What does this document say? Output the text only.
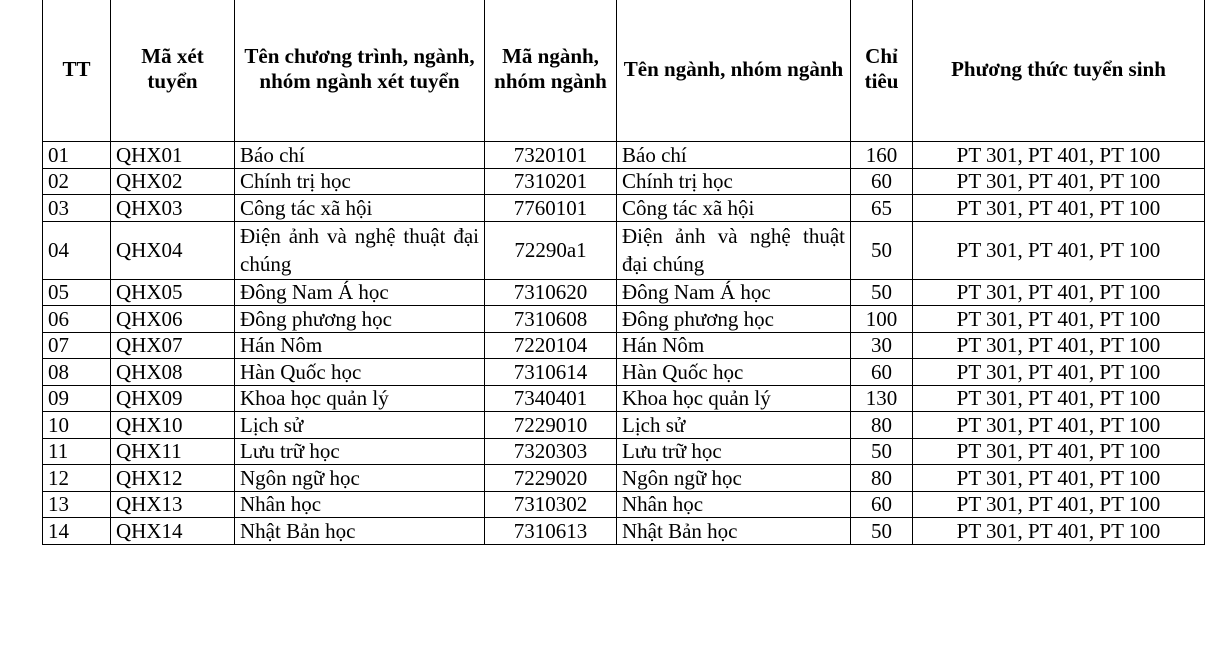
TT	Mã xét tuyển	Tên chương trình, ngành, nhóm ngành xét tuyển	Mã ngành, nhóm ngành	Tên ngành, nhóm ngành	Chỉ tiêu	Phương thức tuyển sinh
01	QHX01	Báo chí	7320101	Báo chí	160	PT 301, PT 401, PT 100
02	QHX02	Chính trị học	7310201	Chính trị học	60	PT 301, PT 401, PT 100
03	QHX03	Công tác xã hội	7760101	Công tác xã hội	65	PT 301, PT 401, PT 100
04	QHX04	Điện ảnh và nghệ thuật đại chúng	72290a1	Điện ảnh và nghệ thuật đại chúng	50	PT 301, PT 401, PT 100
05	QHX05	Đông Nam Á học	7310620	Đông Nam Á học	50	PT 301, PT 401, PT 100
06	QHX06	Đông phương học	7310608	Đông phương học	100	PT 301, PT 401, PT 100
07	QHX07	Hán Nôm	7220104	Hán Nôm	30	PT 301, PT 401, PT 100
08	QHX08	Hàn Quốc học	7310614	Hàn Quốc học	60	PT 301, PT 401, PT 100
09	QHX09	Khoa học quản lý	7340401	Khoa học quản lý	130	PT 301, PT 401, PT 100
10	QHX10	Lịch sử	7229010	Lịch sử	80	PT 301, PT 401, PT 100
11	QHX11	Lưu trữ học	7320303	Lưu trữ học	50	PT 301, PT 401, PT 100
12	QHX12	Ngôn ngữ học	7229020	Ngôn ngữ học	80	PT 301, PT 401, PT 100
13	QHX13	Nhân học	7310302	Nhân học	60	PT 301, PT 401, PT 100
14	QHX14	Nhật Bản học	7310613	Nhật Bản học	50	PT 301, PT 401, PT 100
